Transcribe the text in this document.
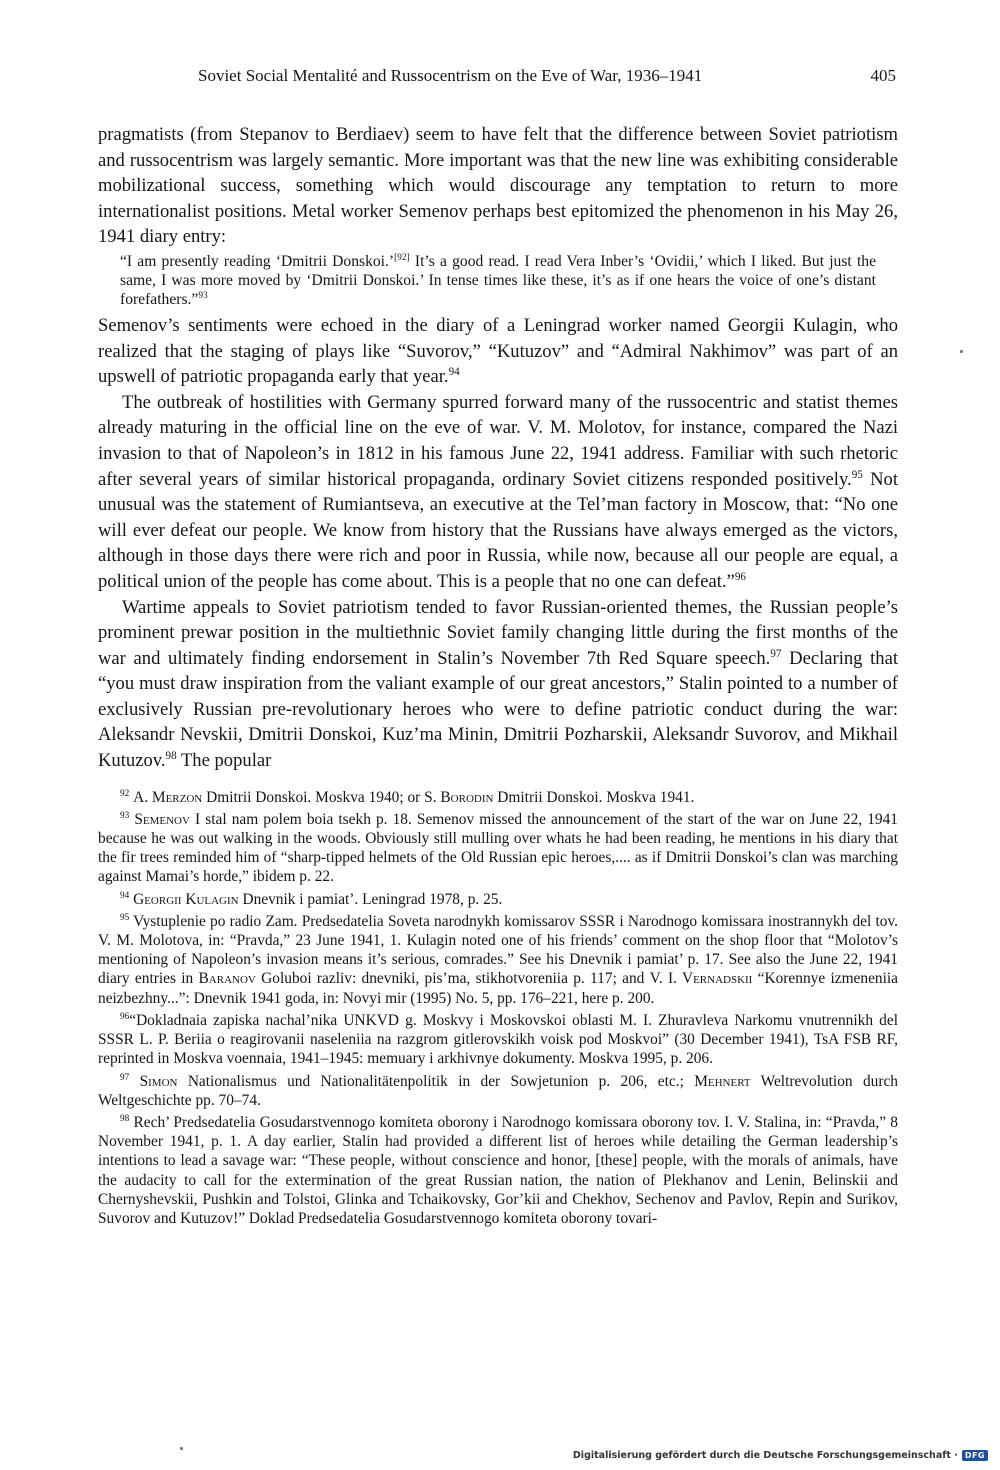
Soviet Social Mentalité and Russocentrism on the Eve of War, 1936–1941	405

pragmatists (from Stepanov to Berdiaev) seem to have felt that the difference between Soviet patriotism and russocentrism was largely semantic. More important was that the new line was exhibiting considerable mobilizational success, something which would discourage any temptation to return to more internationalist positions. Metal worker Semenov perhaps best epitomized the phenomenon in his May 26, 1941 diary entry:

“I am presently reading ‘Dmitrii Donskoi.’[92] It’s a good read. I read Vera Inber’s ‘Ovidii,’ which I liked. But just the same, I was more moved by ‘Dmitrii Donskoi.’ In tense times like these, it’s as if one hears the voice of one’s distant forefathers.”$^{93}$

Semenov’s sentiments were echoed in the diary of a Leningrad worker named Georgii Kulagin, who realized that the staging of plays like “Suvorov,” “Kutuzov” and “Admiral Nakhimov” was part of an upswell of patriotic propaganda early that year.$^{94}$

The outbreak of hostilities with Germany spurred forward many of the russocentric and statist themes already maturing in the official line on the eve of war. V. M. Molotov, for instance, compared the Nazi invasion to that of Napoleon’s in 1812 in his famous June 22, 1941 address. Familiar with such rhetoric after several years of similar historical propaganda, ordinary Soviet citizens responded positively.$^{95}$ Not unusual was the statement of Rumiantseva, an executive at the Tel’man factory in Moscow, that: “No one will ever defeat our people. We know from history that the Russians have always emerged as the victors, although in those days there were rich and poor in Russia, while now, because all our people are equal, a political union of the people has come about. This is a people that no one can defeat.”$^{96}$

Wartime appeals to Soviet patriotism tended to favor Russian-oriented themes, the Russian people’s prominent prewar position in the multiethnic Soviet family changing little during the first months of the war and ultimately finding endorsement in Stalin’s November 7th Red Square speech.$^{97}$ Declaring that “you must draw inspiration from the valiant example of our great ancestors,” Stalin pointed to a number of exclusively Russian pre-revolutionary heroes who were to define patriotic conduct during the war: Aleksandr Nevskii, Dmitrii Donskoi, Kuz’ma Minin, Dmitrii Pozharskii, Aleksandr Suvorov, and Mikhail Kutuzov.$^{98}$ The popular

$^{92}$ A. Merzon Dmitrii Donskoi. Moskva 1940; or S. Borodin Dmitrii Donskoi. Moskva 1941.

$^{93}$ Semenov I stal nam polem boia tsekh p. 18. Semenov missed the announcement of the start of the war on June 22, 1941 because he was out walking in the woods. Obviously still mulling over whats he had been reading, he mentions in his diary that the fir trees reminded him of “sharp-tipped helmets of the Old Russian epic heroes,.... as if Dmitrii Donskoi’s clan was marching against Mamai’s horde,” ibidem p. 22.

$^{94}$ Georgii Kulagin Dnevnik i pamiat’. Leningrad 1978, p. 25.

$^{95}$ Vystuplenie po radio Zam. Predsedatelia Soveta narodnykh komissarov SSSR i Narodnogo komissara inostrannykh del tov. V. M. Molotova, in: “Pravda,” 23 June 1941, 1. Kulagin noted one of his friends’ comment on the shop floor that “Molotov’s mentioning of Napoleon’s invasion means it’s serious, comrades.” See his Dnevnik i pamiat’ p. 17. See also the June 22, 1941 diary entries in Baranov Goluboi razliv: dnevniki, pis’ma, stikhotvoreniia p. 117; and V. I. Vernadskii “Korennye izmeneniia neizbezhny...”: Dnevnik 1941 goda, in: Novyi mir (1995) No. 5, pp. 176–221, here p. 200.

$^{96}$“Dokladnaia zapiska nachal’nika UNKVD g. Moskvy i Moskovskoi oblasti M. I. Zhuravleva Narkomu vnutrennikh del SSSR L. P. Beriia o reagirovanii naseleniia na razgrom gitlerovskikh voisk pod Moskvoi” (30 December 1941), TsA FSB RF, reprinted in Moskva voennaia, 1941–1945: memuary i arkhivnye dokumenty. Moskva 1995, p. 206.

$^{97}$ Simon Nationalismus und Nationalitätenpolitik in der Sowjetunion p. 206, etc.; Mehnert Weltrevolution durch Weltgeschichte pp. 70–74.

$^{98}$ Rech’ Predsedatelia Gosudarstvennogo komiteta oborony i Narodnogo komissara oborony tov. I. V. Stalina, in: “Pravda,” 8 November 1941, p. 1. A day earlier, Stalin had provided a different list of heroes while detailing the German leadership’s intentions to lead a savage war: “These people, without conscience and honor, [these] people, with the morals of animals, have the audacity to call for the extermination of the great Russian nation, the nation of Plekhanov and Lenin, Belinskii and Chernyshevskii, Pushkin and Tolstoi, Glinka and Tchaikovsky, Gor’kii and Chekhov, Sechenov and Pavlov, Repin and Surikov, Suvorov and Kutuzov!” Doklad Predsedatelia Gosudarstvennogo komiteta oborony tovari-

Digitalisierung gefördert durch die Deutsche Forschungsgemeinschaft · DFG
